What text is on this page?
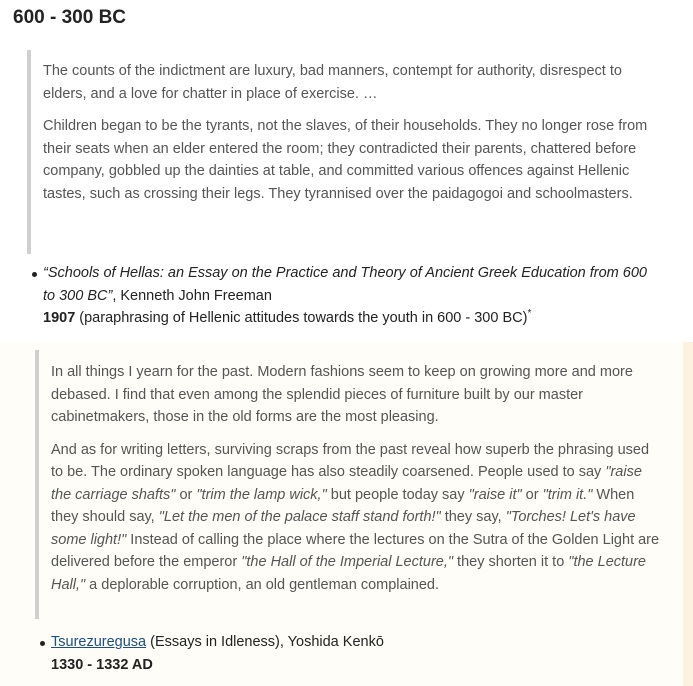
600 - 300 BC

The counts of the indictment are luxury, bad manners, contempt for authority, disrespect to elders, and a love for chatter in place of exercise. …

Children began to be the tyrants, not the slaves, of their households. They no longer rose from their seats when an elder entered the room; they contradicted their parents, chattered before company, gobbled up the dainties at table, and committed various offences against Hellenic tastes, such as crossing their legs. They tyrannised over the paidagogoi and schoolmasters.

“Schools of Hellas: an Essay on the Practice and Theory of Ancient Greek Education from 600 to 300 BC”, Kenneth John Freeman
1907 (paraphrasing of Hellenic attitudes towards the youth in 600 - 300 BC)*

In all things I yearn for the past. Modern fashions seem to keep on growing more and more debased. I find that even among the splendid pieces of furniture built by our master cabinetmakers, those in the old forms are the most pleasing.

And as for writing letters, surviving scraps from the past reveal how superb the phrasing used to be. The ordinary spoken language has also steadily coarsened. People used to say "raise the carriage shafts" or "trim the lamp wick," but people today say "raise it" or "trim it." When they should say, "Let the men of the palace staff stand forth!" they say, "Torches! Let's have some light!" Instead of calling the place where the lectures on the Sutra of the Golden Light are delivered before the emperor "the Hall of the Imperial Lecture," they shorten it to "the Lecture Hall," a deplorable corruption, an old gentleman complained.

Tsurezuregusa (Essays in Idleness), Yoshida Kenkō
1330 - 1332 AD
